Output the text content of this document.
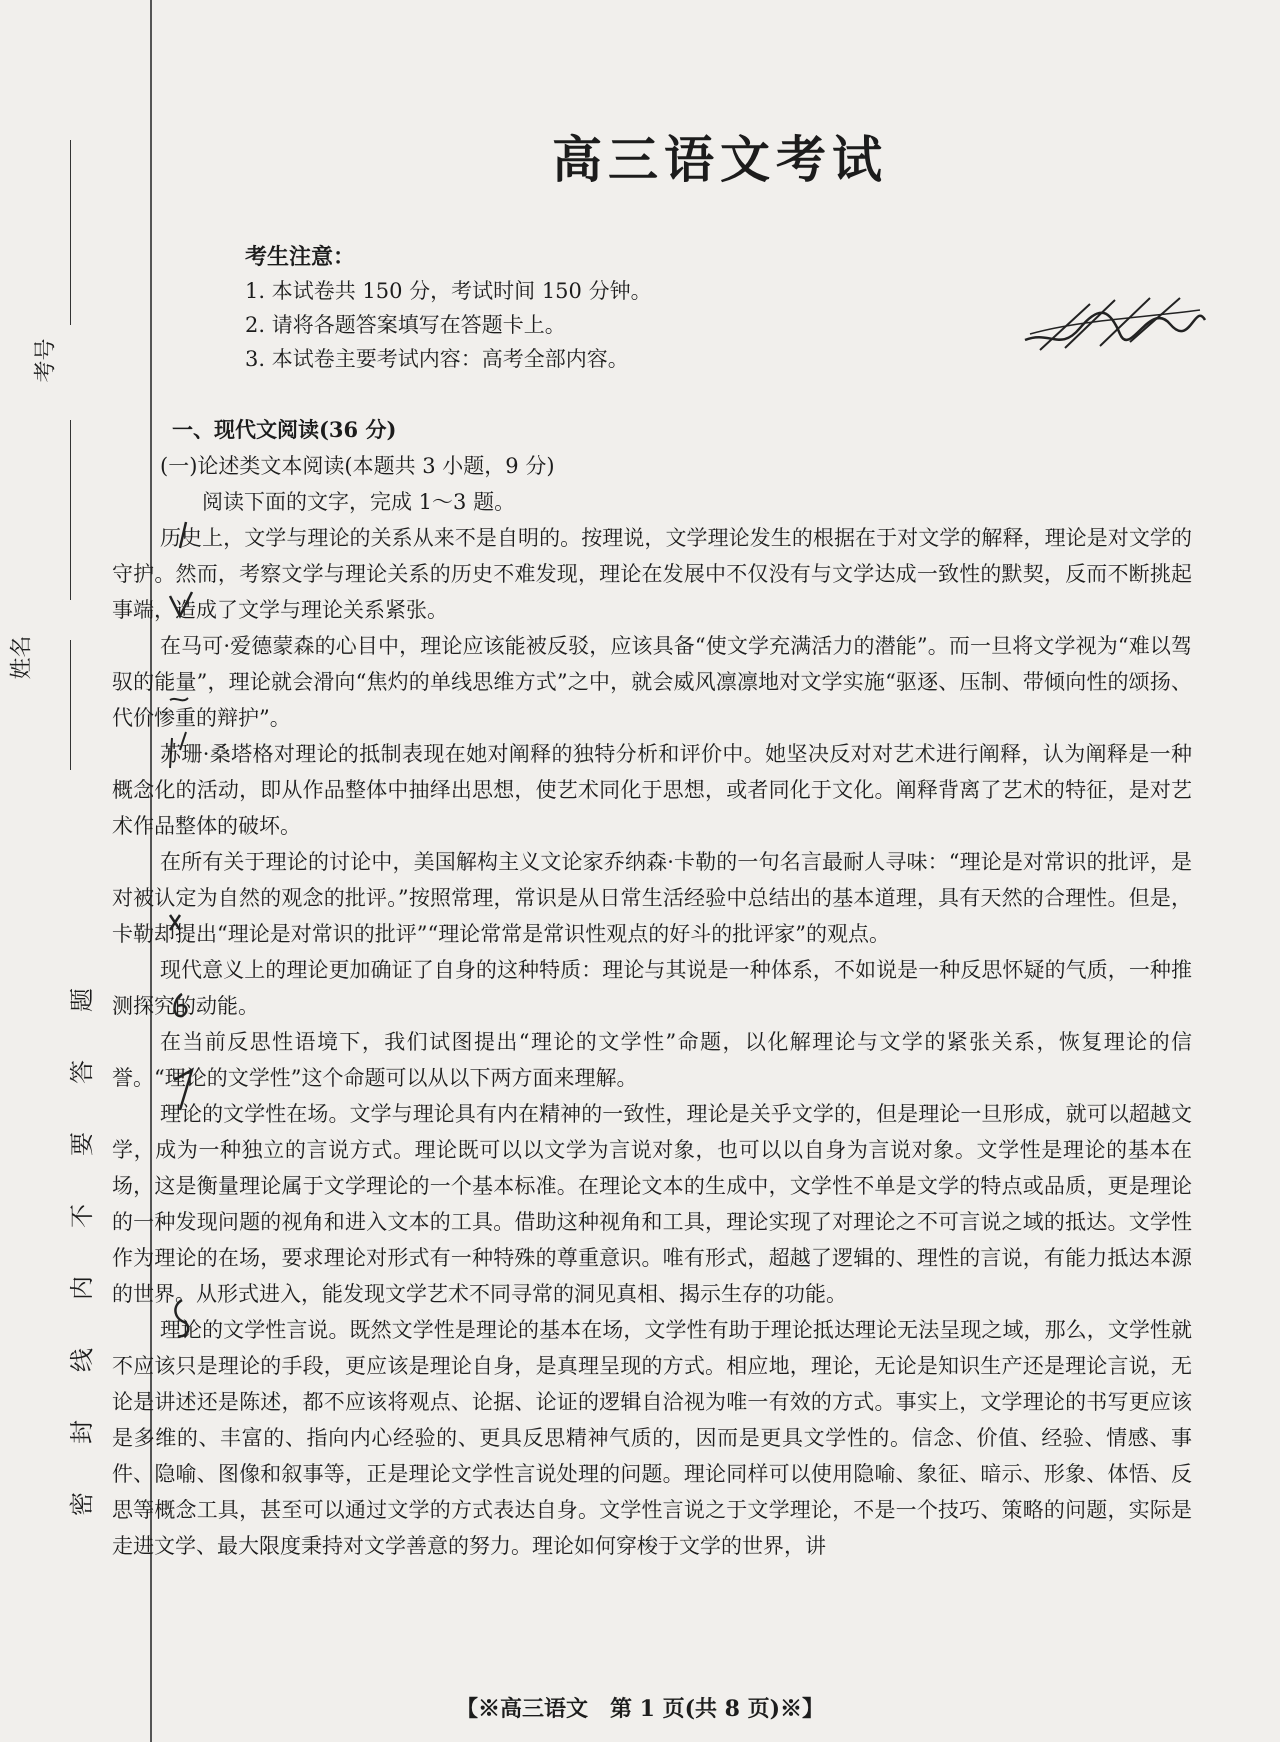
考号
姓名
题
答
要
不
内
线
封
密
高三语文考试
考生注意：
1. 本试卷共 150 分，考试时间 150 分钟。
2. 请将各题答案填写在答题卡上。
3. 本试卷主要考试内容：高考全部内容。
一、现代文阅读(36 分)
(一)论述类文本阅读(本题共 3 小题，9 分)
阅读下面的文字，完成 1～3 题。

历史上，文学与理论的关系从来不是自明的。按理说，文学理论发生的根据在于对文学的解释，理论是对文学的守护。然而，考察文学与理论关系的历史不难发现，理论在发展中不仅没有与文学达成一致性的默契，反而不断挑起事端，造成了文学与理论关系紧张。

在马可·爱德蒙森的心目中，理论应该能被反驳，应该具备“使文学充满活力的潜能”。而一旦将文学视为“难以驾驭的能量”，理论就会滑向“焦灼的单线思维方式”之中，就会威风凛凛地对文学实施“驱逐、压制、带倾向性的颂扬、代价惨重的辩护”。

苏珊·桑塔格对理论的抵制表现在她对阐释的独特分析和评价中。她坚决反对对艺术进行阐释，认为阐释是一种概念化的活动，即从作品整体中抽绎出思想，使艺术同化于思想，或者同化于文化。阐释背离了艺术的特征，是对艺术作品整体的破坏。

在所有关于理论的讨论中，美国解构主义文论家乔纳森·卡勒的一句名言最耐人寻味：“理论是对常识的批评，是对被认定为自然的观念的批评。”按照常理，常识是从日常生活经验中总结出的基本道理，具有天然的合理性。但是，卡勒却提出“理论是对常识的批评”“理论常常是常识性观点的好斗的批评家”的观点。

现代意义上的理论更加确证了自身的这种特质：理论与其说是一种体系，不如说是一种反思怀疑的气质，一种推测探究的动能。

在当前反思性语境下，我们试图提出“理论的文学性”命题，以化解理论与文学的紧张关系，恢复理论的信誉。“理论的文学性”这个命题可以从以下两方面来理解。

理论的文学性在场。文学与理论具有内在精神的一致性，理论是关乎文学的，但是理论一旦形成，就可以超越文学，成为一种独立的言说方式。理论既可以以文学为言说对象，也可以以自身为言说对象。文学性是理论的基本在场，这是衡量理论属于文学理论的一个基本标准。在理论文本的生成中，文学性不单是文学的特点或品质，更是理论的一种发现问题的视角和进入文本的工具。借助这种视角和工具，理论实现了对理论之不可言说之域的抵达。文学性作为理论的在场，要求理论对形式有一种特殊的尊重意识。唯有形式，超越了逻辑的、理性的言说，有能力抵达本源的世界。从形式进入，能发现文学艺术不同寻常的洞见真相、揭示生存的功能。

理论的文学性言说。既然文学性是理论的基本在场，文学性有助于理论抵达理论无法呈现之域，那么，文学性就不应该只是理论的手段，更应该是理论自身，是真理呈现的方式。相应地，理论，无论是知识生产还是理论言说，无论是讲述还是陈述，都不应该将观点、论据、论证的逻辑自洽视为唯一有效的方式。事实上，文学理论的书写更应该是多维的、丰富的、指向内心经验的、更具反思精神气质的，因而是更具文学性的。信念、价值、经验、情感、事件、隐喻、图像和叙事等，正是理论文学性言说处理的问题。理论同样可以使用隐喻、象征、暗示、形象、体悟、反思等概念工具，甚至可以通过文学的方式表达自身。文学性言说之于文学理论，不是一个技巧、策略的问题，实际是走进文学、最大限度秉持对文学善意的努力。理论如何穿梭于文学的世界，讲

【※高三语文　第 1 页(共 8 页)※】
